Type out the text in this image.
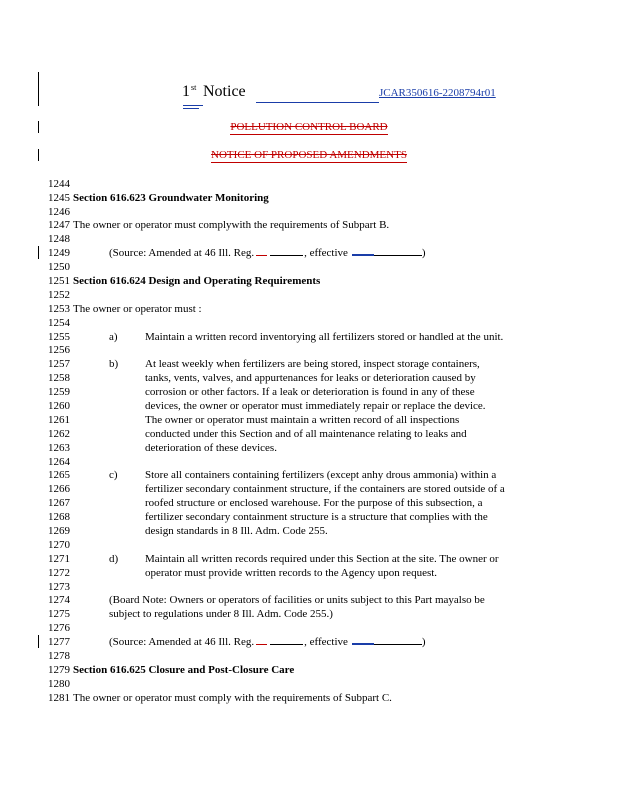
1st Notice	JCAR350616-2208794r01
POLLUTION CONTROL BOARD
NOTICE OF PROPOSED AMENDMENTS
1244
1245
1246
1247
1248
1249
1250
1251
1252
1253
1254
1255
1256
1257
1258
1259
1260
1261
1262
1263
1264
1265
1266
1267
1268
1269
1270
1271
1272
1273
1274
1275
1276
1277
1278
1279
1280
1281
Section 616.623 Groundwater Monitoring
The owner or operator must complywith the requirements of Subpart B.
(Source: Amended at 46 Ill. Reg.	, effective	)
Section 616.624 Design and Operating Requirements
The owner or operator must :
a) Maintain a written record inventorying all fertilizers stored or handled at the unit.
b) At least weekly when fertilizers are being stored, inspect storage containers,
tanks, vents, valves, and appurtenances for leaks or deterioration caused by
corrosion or other factors. If a leak or deterioration is found in any of these
devices, the owner or operator must immediately repair or replace the device.
The owner or operator must maintain a written record of all inspections
conducted under this Section and of all maintenance relating to leaks and
deterioration of these devices.
c) Store all containers containing fertilizers (except anhy drous ammonia) within a
fertilizer secondary containment structure, if the containers are stored outside of a
roofed structure or enclosed warehouse. For the purpose of this subsection, a
fertilizer secondary containment structure is a structure that complies with the
design standards in 8 Ill. Adm. Code 255.
d) Maintain all written records required under this Section at the site. The owner or
operator must provide written records to the Agency upon request.
(Board Note: Owners or operators of facilities or units subject to this Part mayalso be
subject to regulations under 8 Ill. Adm. Code 255.)
(Source: Amended at 46 Ill. Reg.	, effective	)
Section 616.625 Closure and Post-Closure Care
The owner or operator must comply with the requirements of Subpart C.
